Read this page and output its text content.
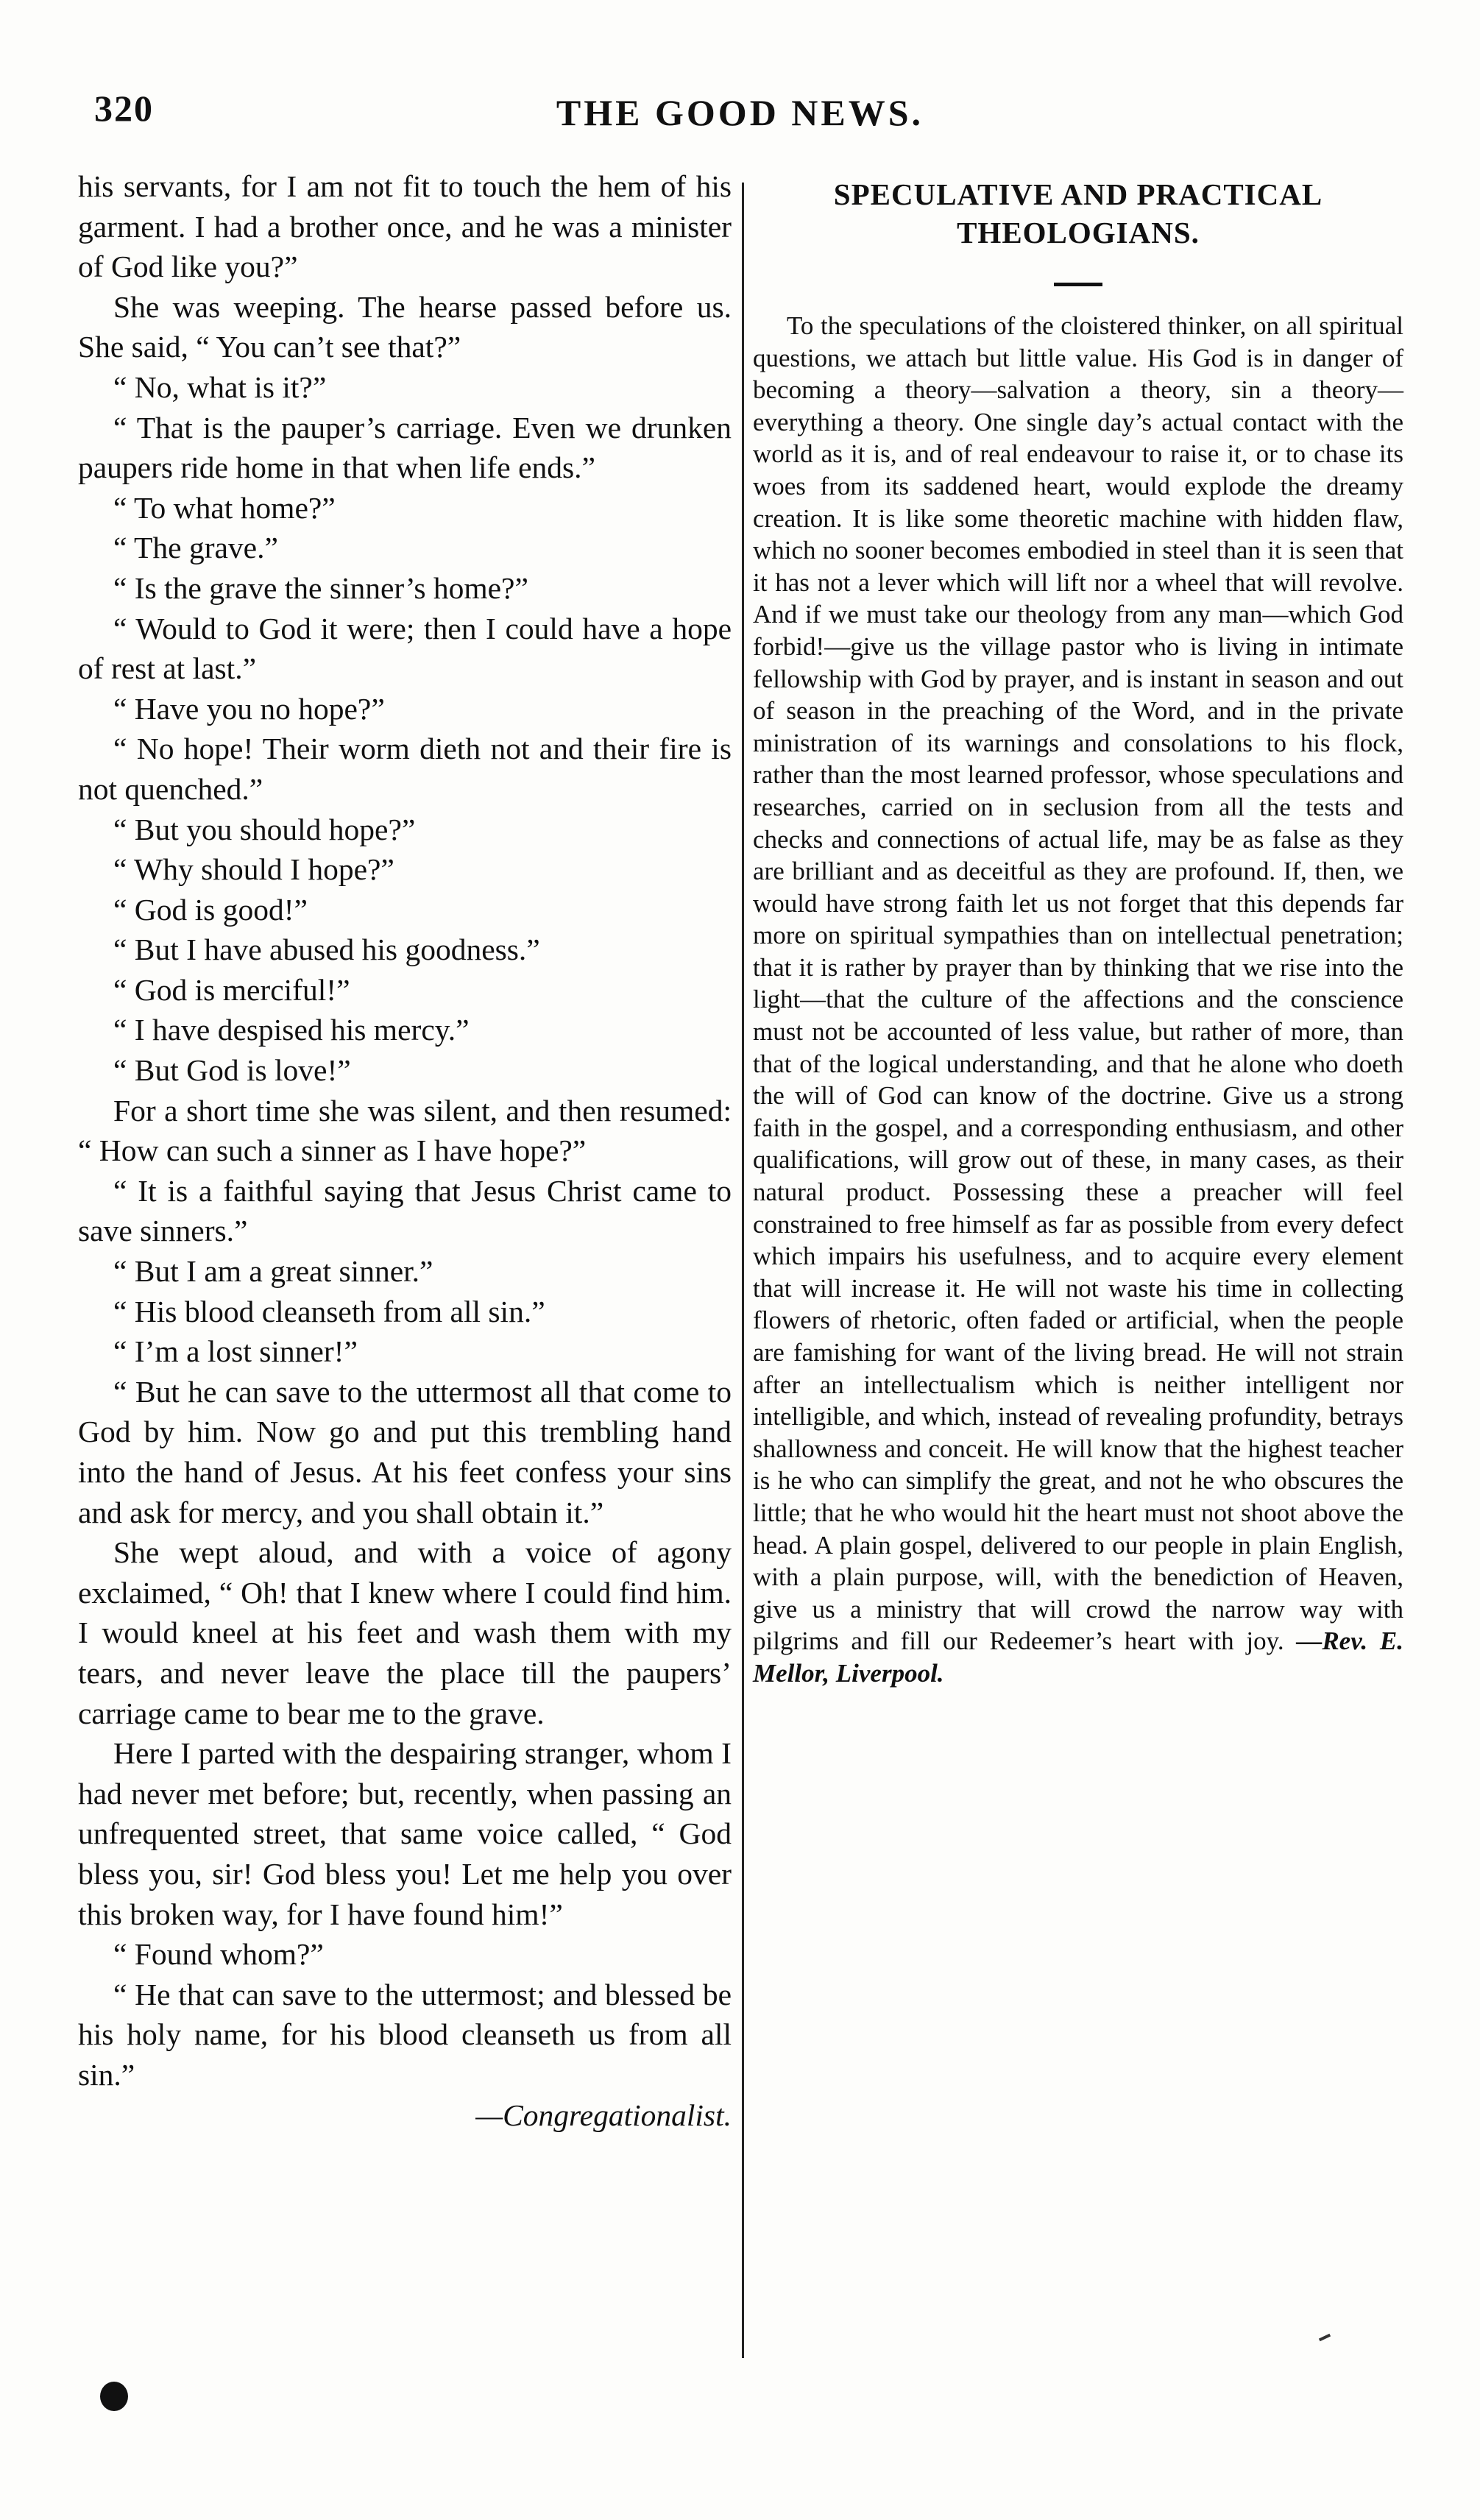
320	THE GOOD NEWS.

his servants, for I am not fit to touch the hem of his garment. I had a brother once, and he was a minister of God like you?”

She was weeping. The hearse passed before us. She said, “ You can’t see that?”

“ No, what is it?”

“ That is the pauper’s carriage. Even we drunken paupers ride home in that when life ends.”

“ To what home?”

“ The grave.”

“ Is the grave the sinner’s home?”

“ Would to God it were; then I could have a hope of rest at last.”

“ Have you no hope?”

“ No hope! Their worm dieth not and their fire is not quenched.”

“ But you should hope?”

“ Why should I hope?”

“ God is good!”

“ But I have abused his goodness.”

“ God is merciful!”

“ I have despised his mercy.”

“ But God is love!”

For a short time she was silent, and then resumed: “ How can such a sinner as I have hope?”

“ It is a faithful saying that Jesus Christ came to save sinners.”

“ But I am a great sinner.”

“ His blood cleanseth from all sin.”

“ I’m a lost sinner!”

“ But he can save to the uttermost all that come to God by him. Now go and put this trembling hand into the hand of Jesus. At his feet confess your sins and ask for mercy, and you shall obtain it.”

She wept aloud, and with a voice of agony exclaimed, “ Oh! that I knew where I could find him. I would kneel at his feet and wash them with my tears, and never leave the place till the paupers’ carriage came to bear me to the grave.

Here I parted with the despairing stranger, whom I had never met before; but, recently, when passing an unfrequented street, that same voice called, “ God bless you, sir! God bless you! Let me help you over this broken way, for I have found him!”

“ Found whom?”

“ He that can save to the uttermost; and blessed be his holy name, for his blood cleanseth us from all sin.”

—Congregationalist.

SPECULATIVE AND PRACTICAL THEOLOGIANS.

To the speculations of the cloistered thinker, on all spiritual questions, we attach but little value. His God is in danger of becoming a theory—salvation a theory, sin a theory—everything a theory. One single day’s actual contact with the world as it is, and of real endeavour to raise it, or to chase its woes from its saddened heart, would explode the dreamy creation. It is like some theoretic machine with hidden flaw, which no sooner becomes embodied in steel than it is seen that it has not a lever which will lift nor a wheel that will revolve. And if we must take our theology from any man—which God forbid!—give us the village pastor who is living in intimate fellowship with God by prayer, and is instant in season and out of season in the preaching of the Word, and in the private ministration of its warnings and consolations to his flock, rather than the most learned professor, whose speculations and researches, carried on in seclusion from all the tests and checks and connections of actual life, may be as false as they are brilliant and as deceitful as they are profound. If, then, we would have strong faith let us not forget that this depends far more on spiritual sympathies than on intellectual penetration; that it is rather by prayer than by thinking that we rise into the light—that the culture of the affections and the conscience must not be accounted of less value, but rather of more, than that of the logical understanding, and that he alone who doeth the will of God can know of the doctrine. Give us a strong faith in the gospel, and a corresponding enthusiasm, and other qualifications, will grow out of these, in many cases, as their natural product. Possessing these a preacher will feel constrained to free himself as far as possible from every defect which impairs his usefulness, and to acquire every element that will increase it. He will not waste his time in collecting flowers of rhetoric, often faded or artificial, when the people are famishing for want of the living bread. He will not strain after an intellectualism which is neither intelligent nor intelligible, and which, instead of revealing profundity, betrays shallowness and conceit. He will know that the highest teacher is he who can simplify the great, and not he who obscures the little; that he who would hit the heart must not shoot above the head. A plain gospel, delivered to our people in plain English, with a plain purpose, will, with the benediction of Heaven, give us a ministry that will crowd the narrow way with pilgrims and fill our Redeemer’s heart with joy. —Rev. E. Mellor, Liverpool.
